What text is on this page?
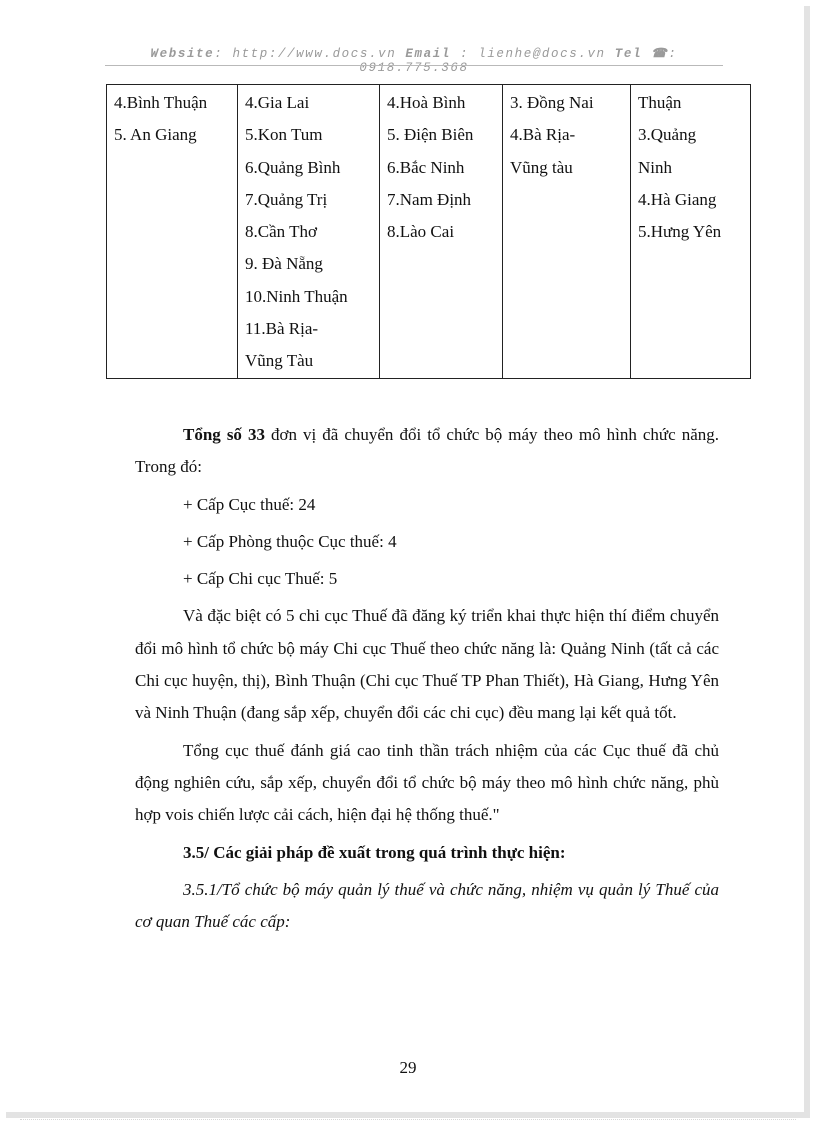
Website: http://www.docs.vn Email : lienhe@docs.vn Tel ☎: 0918.775.368
4.Bình Thuận
5. An Giang

4.Gia Lai
5.Kon Tum
6.Quảng Bình
7.Quảng Trị
8.Cần Thơ
9. Đà Nẵng
10.Ninh Thuận
11.Bà Rịa-
Vũng Tàu

4.Hoà Bình
5. Điện Biên
6.Bắc Ninh
7.Nam Định
8.Lào Cai

3. Đồng Nai
4.Bà Rịa-
Vũng tàu

Thuận
3.Quảng
Ninh
4.Hà Giang
5.Hưng Yên

Tổng số 33 đơn vị đã chuyển đổi tổ chức bộ máy theo mô hình chức năng. Trong đó:

+ Cấp Cục thuế: 24

+ Cấp Phòng thuộc Cục thuế: 4

+ Cấp Chi cục Thuế: 5

Và đặc biệt có 5 chi cục Thuế đã đăng ký triển khai thực hiện thí điểm chuyển đổi mô hình tổ chức bộ máy Chi cục Thuế theo chức năng là: Quảng Ninh (tất cả các Chi cục huyện, thị), Bình Thuận (Chi cục Thuế TP Phan Thiết), Hà Giang, Hưng Yên và Ninh Thuận (đang sắp xếp, chuyển đổi các chi cục) đều mang lại kết quả tốt.

Tổng cục thuế đánh giá cao tinh thần trách nhiệm của các Cục thuế đã chủ động nghiên cứu, sắp xếp, chuyển đổi tổ chức bộ máy theo mô hình chức năng, phù hợp vois chiến lược cải cách, hiện đại hệ thống thuế."

3.5/ Các giải pháp đề xuất trong quá trình thực hiện:

3.5.1/Tổ chức bộ máy quản lý thuế và chức năng, nhiệm vụ quản lý Thuế của cơ quan Thuế các cấp:

29
